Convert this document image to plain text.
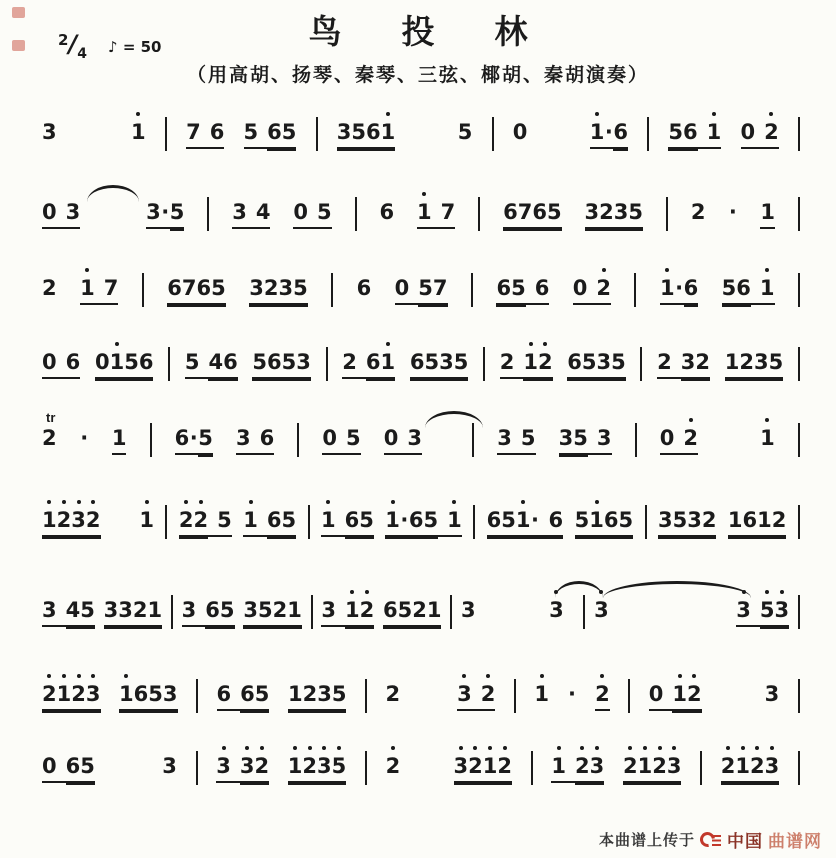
鸟投林
（用高胡、扬琴、秦琴、三弦、椰胡、秦胡演奏）
2/4 ♪ = 50
3	1 7 6 5 6 5 3 5 6 1	5 0	1 · 6 5 6 1 0 2
0 3	3 · 5 3 4 0 5 6 1 7 6 7 6 5 3 2 3 5 2 · 1
2 1 7 6 7 6 5 3 2 3 5 6 0 5 7 6 5 6 0 2 1 · 6 5 6 1
0 6 0 1 5 6 5 4 6 5 6 5 3 2 6 1 6 5 3 5 2 1 2 6 5 3 5 2 3 2 1 2 3 5
tr
2 · 1 6 · 5 3 6 0 5 0 3	3 5 3 5 3 0 2	1
1 2 3 2 1 2 2 5 1 6 5 1 6 5 1 · 6 5 1 6 5 1 · 6 5 1 6 5 3 5 3 2 1 6 1 2
3 4 5 3 3 2 1 3 6 5 3 5 2 1 3 1 2 6 5 2 1 3	3 3	3 5 3
2 1 2 3 1 6 5 3 6 6 5 1 2 3 5 2	3 2 1 · 2 0 1 2	3
0 6 5	3 3 3 2 1 2 3 5 2	3 2 1 2 1 2 3 2 1 2 3 2 1 2 3
本曲谱上传于 中国 曲谱网
